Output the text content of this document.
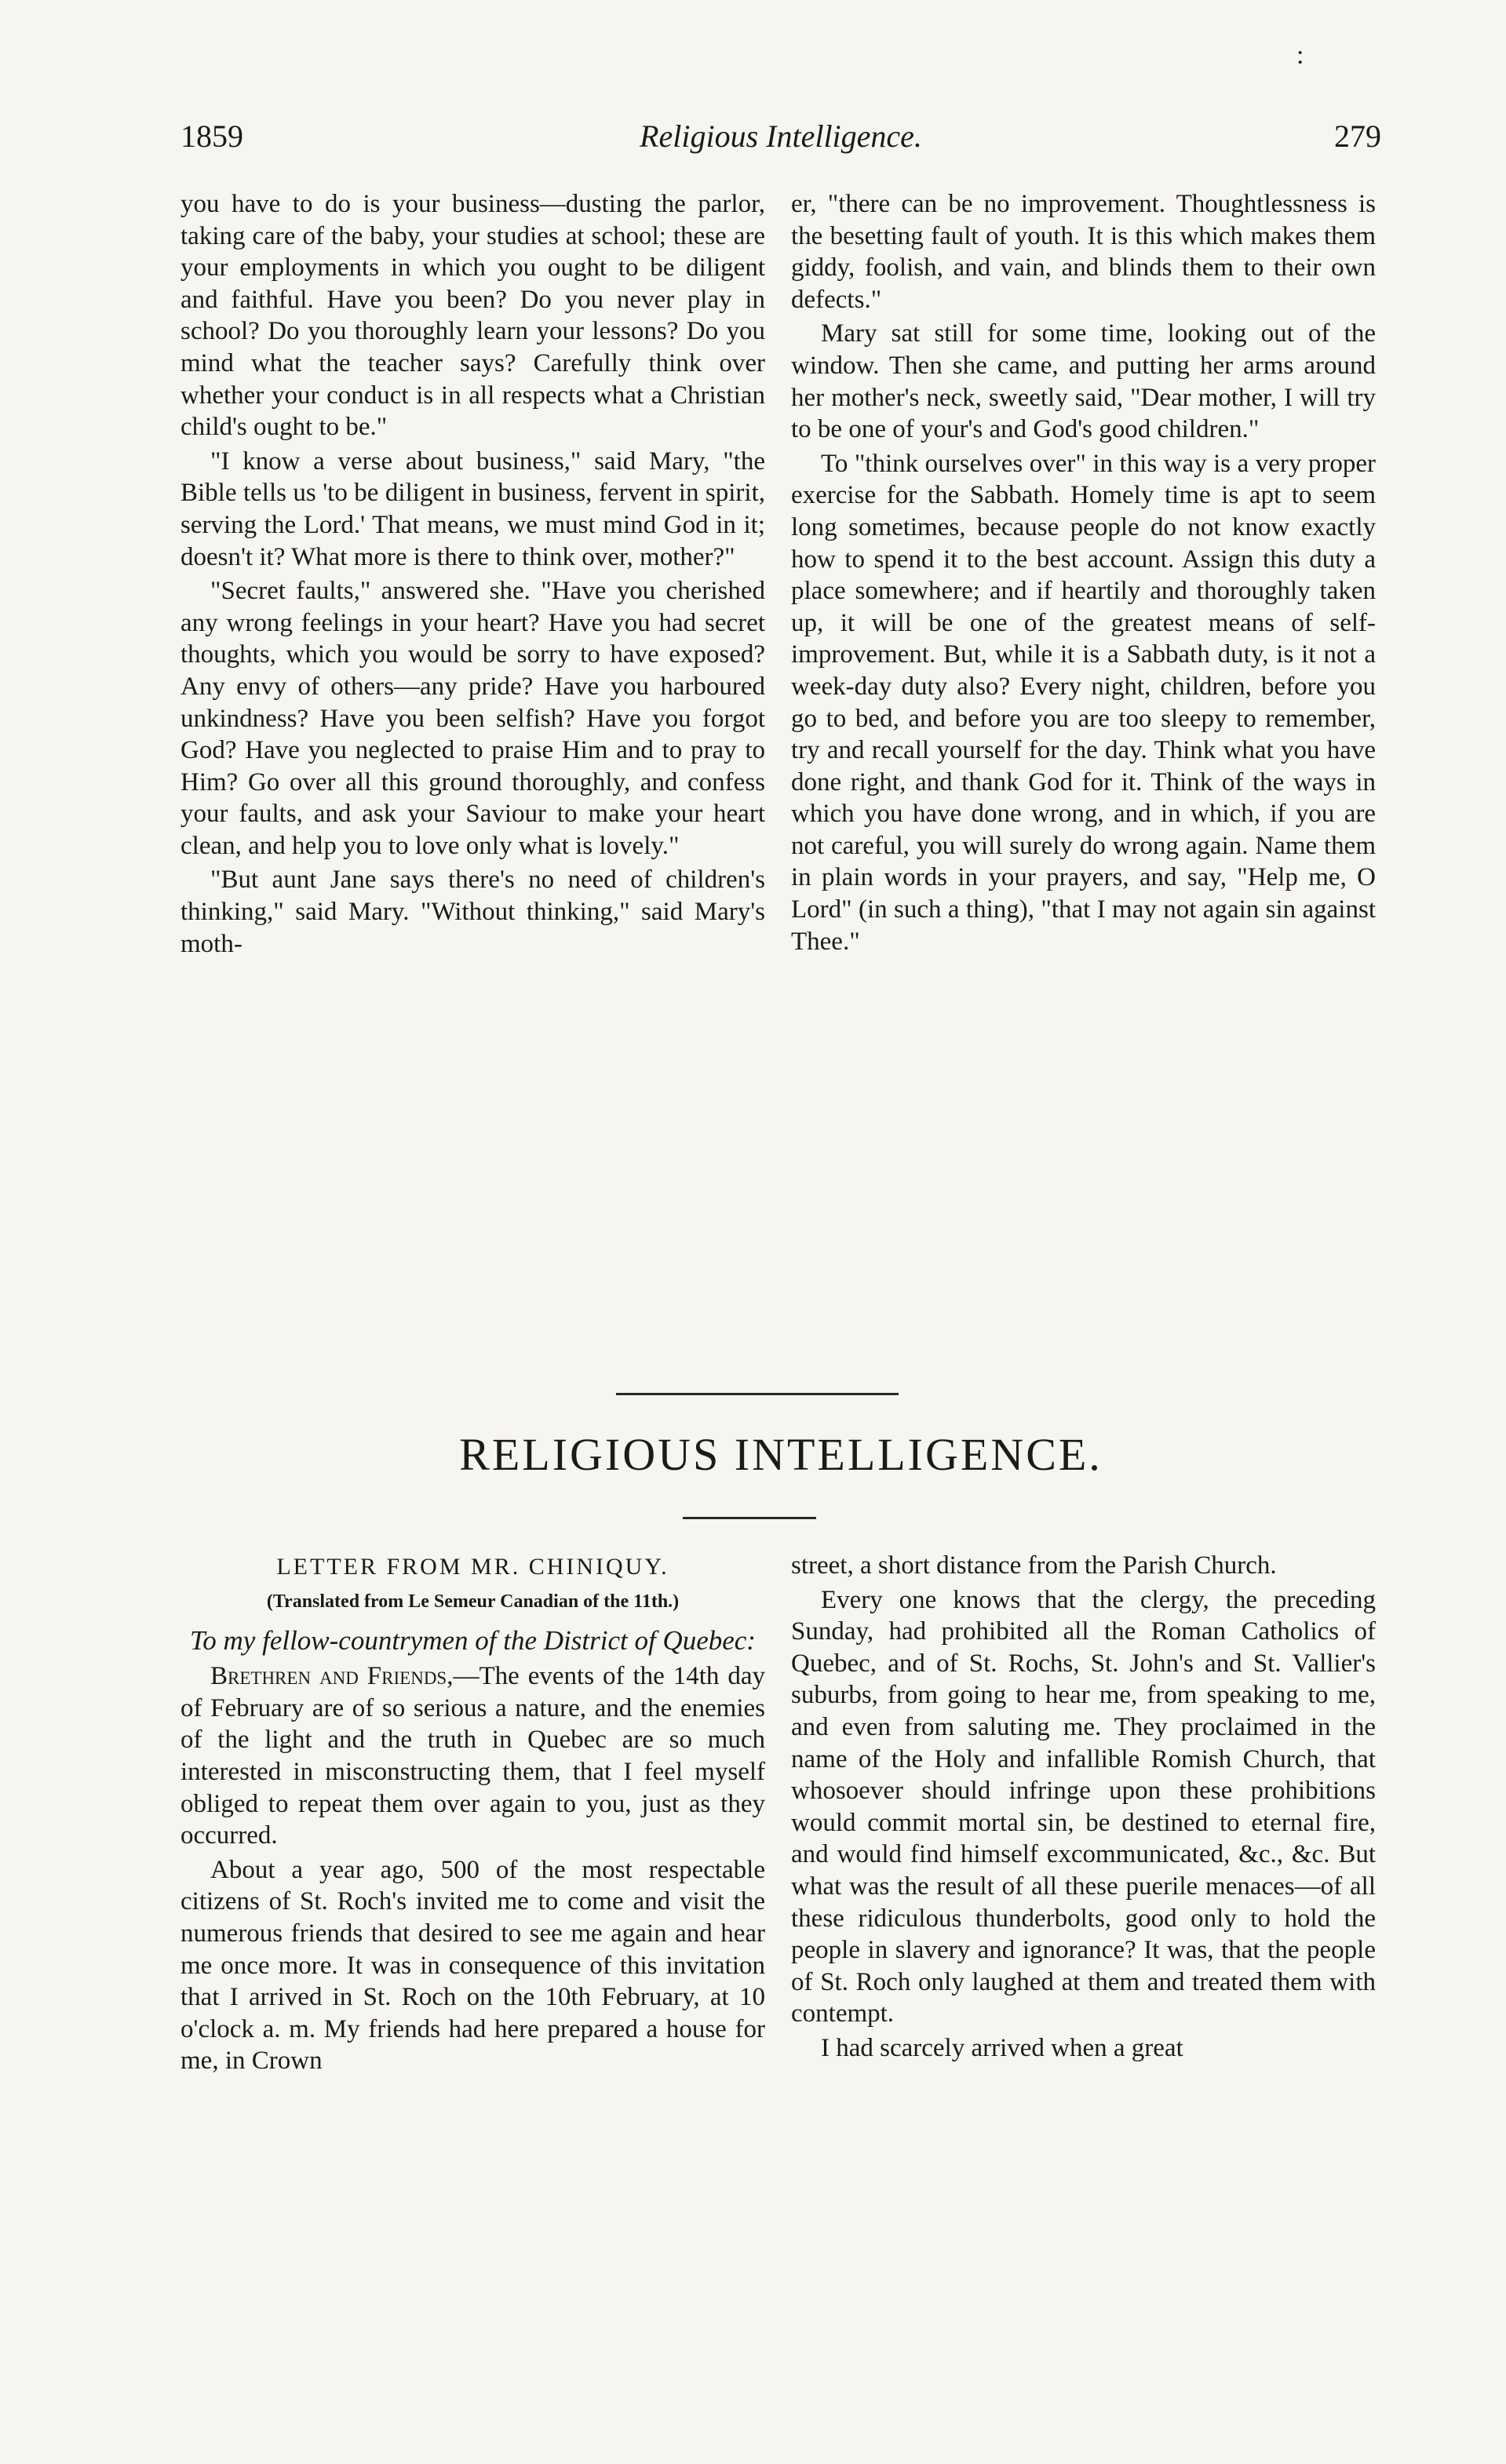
:
1859	Religious Intelligence.	279

you have to do is your business—dusting the parlor, taking care of the baby, your studies at school; these are your employments in which you ought to be diligent and faithful. Have you been? Do you never play in school? Do you thoroughly learn your lessons? Do you mind what the teacher says? Carefully think over whether your conduct is in all respects what a Christian child's ought to be."

"I know a verse about business," said Mary, "the Bible tells us 'to be diligent in business, fervent in spirit, serving the Lord.' That means, we must mind God in it; doesn't it? What more is there to think over, mother?"

"Secret faults," answered she. "Have you cherished any wrong feelings in your heart? Have you had secret thoughts, which you would be sorry to have exposed? Any envy of others—any pride? Have you harboured unkindness? Have you been selfish? Have you forgot God? Have you neglected to praise Him and to pray to Him? Go over all this ground thoroughly, and confess your faults, and ask your Saviour to make your heart clean, and help you to love only what is lovely."

"But aunt Jane says there's no need of children's thinking," said Mary. "Without thinking," said Mary's moth-

er, "there can be no improvement. Thoughtlessness is the besetting fault of youth. It is this which makes them giddy, foolish, and vain, and blinds them to their own defects."

Mary sat still for some time, looking out of the window. Then she came, and putting her arms around her mother's neck, sweetly said, "Dear mother, I will try to be one of your's and God's good children."

To "think ourselves over" in this way is a very proper exercise for the Sabbath. Homely time is apt to seem long sometimes, because people do not know exactly how to spend it to the best account. Assign this duty a place somewhere; and if heartily and thoroughly taken up, it will be one of the greatest means of self-improvement. But, while it is a Sabbath duty, is it not a week-day duty also? Every night, children, before you go to bed, and before you are too sleepy to remember, try and recall yourself for the day. Think what you have done right, and thank God for it. Think of the ways in which you have done wrong, and in which, if you are not careful, you will surely do wrong again. Name them in plain words in your prayers, and say, "Help me, O Lord" (in such a thing), "that I may not again sin against Thee."

RELIGIOUS INTELLIGENCE.

LETTER FROM MR. CHINIQUY.

(Translated from Le Semeur Canadian of the 11th.)

To my fellow-countrymen of the District of Quebec:

Brethren and Friends,—The events of the 14th day of February are of so serious a nature, and the enemies of the light and the truth in Quebec are so much interested in misconstructing them, that I feel myself obliged to repeat them over again to you, just as they occurred.

About a year ago, 500 of the most respectable citizens of St. Roch's invited me to come and visit the numerous friends that desired to see me again and hear me once more. It was in consequence of this invitation that I arrived in St. Roch on the 10th February, at 10 o'clock a. m. My friends had here prepared a house for me, in Crown

street, a short distance from the Parish Church.

Every one knows that the clergy, the preceding Sunday, had prohibited all the Roman Catholics of Quebec, and of St. Rochs, St. John's and St. Vallier's suburbs, from going to hear me, from speaking to me, and even from saluting me. They proclaimed in the name of the Holy and infallible Romish Church, that whosoever should infringe upon these prohibitions would commit mortal sin, be destined to eternal fire, and would find himself excommunicated, &c., &c. But what was the result of all these puerile menaces—of all these ridiculous thunderbolts, good only to hold the people in slavery and ignorance? It was, that the people of St. Roch only laughed at them and treated them with contempt.

I had scarcely arrived when a great
